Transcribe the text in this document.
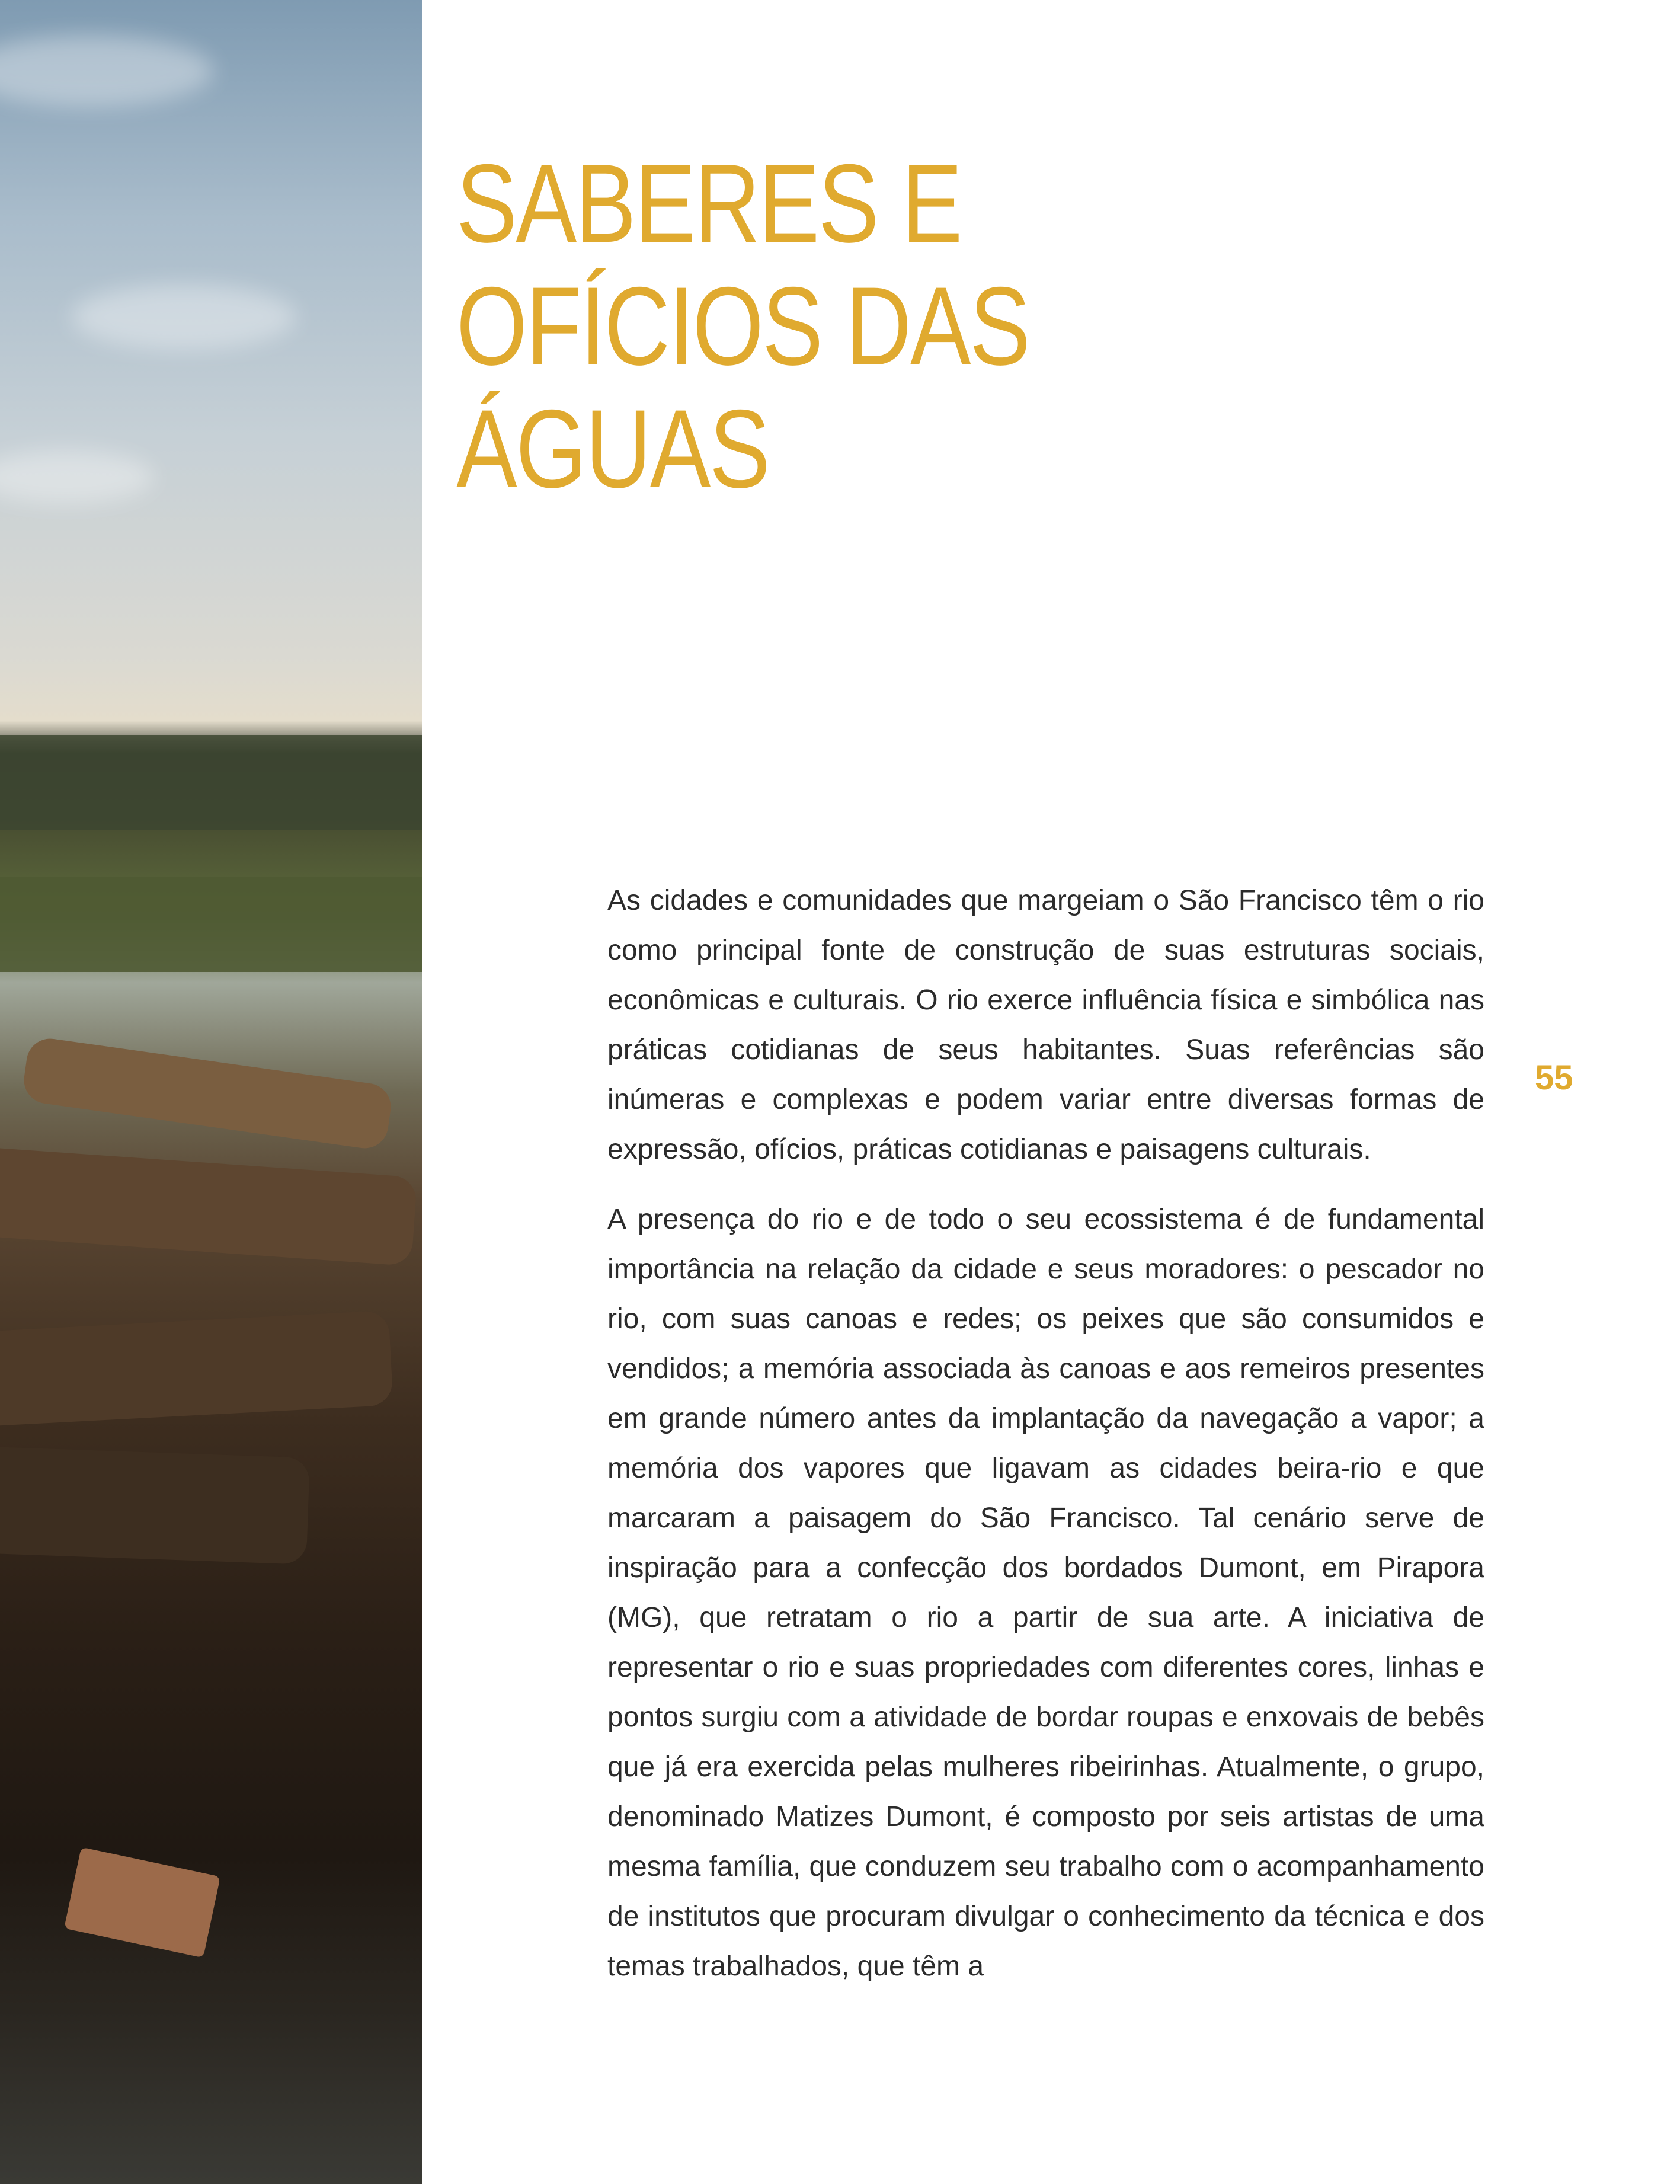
SABERES E
OFÍCIOS DAS
ÁGUAS
55

As cidades e comunidades que margeiam o São Francisco têm o rio como principal fonte de construção de suas estruturas sociais, econômicas e culturais. O rio exerce influência física e simbólica nas práticas cotidianas de seus habitantes. Suas referências são inúmeras e complexas e podem variar entre diversas formas de expressão, ofícios, práticas cotidianas e paisagens culturais.

A presença do rio e de todo o seu ecossistema é de fundamental importância na relação da cidade e seus moradores: o pescador no rio, com suas canoas e redes; os peixes que são consumidos e vendidos; a memória associada às canoas e aos remeiros presentes em grande número antes da implantação da navegação a vapor; a memória dos vapores que ligavam as cidades beira-rio e que marcaram a paisagem do São Francisco. Tal cenário serve de inspiração para a confecção dos bordados Dumont, em Pirapora (MG), que retratam o rio a partir de sua arte. A iniciativa de representar o rio e suas propriedades com diferentes cores, linhas e pontos surgiu com a atividade de bordar roupas e enxovais de bebês que já era exercida pelas mulheres ribeirinhas. Atualmente, o grupo, denominado Matizes Dumont, é composto por seis artistas de uma mesma família, que conduzem seu trabalho com o acompanhamento de institutos que procuram divulgar o conhecimento da técnica e dos temas trabalhados, que têm a
